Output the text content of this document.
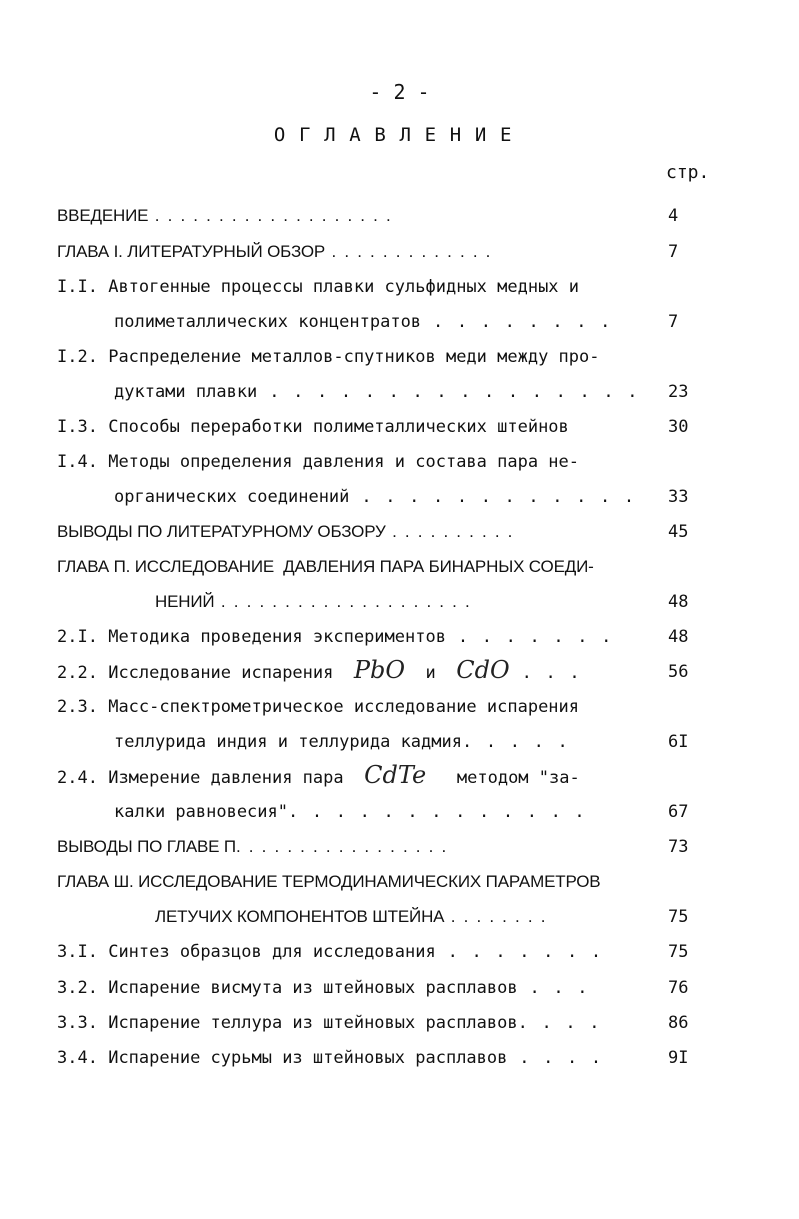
- 2 -
ОГЛАВЛЕНИЕ
стр.
ВВЕДЕНИЕ . . . . . . . . . . . . . . . . . . .	4
ГЛАВА I. ЛИТЕРАТУРНЫЙ ОБЗОР . . . . . . . . . . . . .	7
I.I. Автогенные процессы плавки сульфидных медных и
полиметаллических концентратов . . . . . . . .	7
I.2. Распределение металлов-спутников меди между про-
дуктами плавки . . . . . . . . . . . . . . . . 23
I.3. Способы переработки полиметаллических штейнов	30
I.4. Методы определения давления и состава пара не-
органических соединений . . . . . . . . . . . . 33
ВЫВОДЫ ПО ЛИТЕРАТУРНОМУ ОБЗОРУ . . . . . . . . . .	45
ГЛАВА П. ИССЛЕДОВАНИЕ  ДАВЛЕНИЯ ПАРА БИНАРНЫХ СОЕДИ-
НЕНИЙ . . . . . . . . . . . . . . . . . . . .	48
2.I. Методика проведения экспериментов . . . . . . .	48
2.2. Исследование испарения PbO и CdO . . .	56
2.3. Масс-спектрометрическое исследование испарения
теллурида индия и теллурида кадмия. . . . .	6I
2.4. Измерение давления пара CdTe методом "за-
калки равновесия". . . . . . . . . . . . .	67
ВЫВОДЫ ПО ГЛАВЕ П. . . . . . . . . . . . . . . . .	73
ГЛАВА Ш. ИССЛЕДОВАНИЕ ТЕРМОДИНАМИЧЕСКИХ ПАРАМЕТРОВ
ЛЕТУЧИХ КОМПОНЕНТОВ ШТЕЙНА . . . . . . . .	75
3.I. Синтез образцов для исследования . . . . . . .	75
3.2. Испарение висмута из штейновых расплавов . . .	76
3.3. Испарение теллура из штейновых расплавов. . . .	86
3.4. Испарение сурьмы из штейновых расплавов . . . .	9I
